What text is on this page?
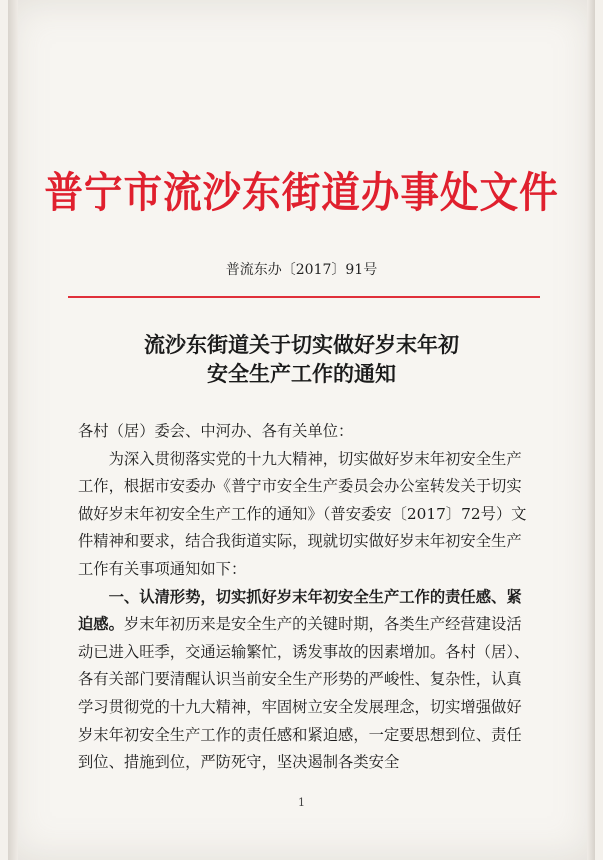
普宁市流沙东街道办事处文件
普流东办〔2017〕91号
流沙东街道关于切实做好岁末年初
安全生产工作的通知

各村（居）委会、中河办、各有关单位：

为深入贯彻落实党的十九大精神，切实做好岁末年初安全生产工作，根据市安委办《普宁市安全生产委员会办公室转发关于切实做好岁末年初安全生产工作的通知》（普安委安〔2017〕72号）文件精神和要求，结合我街道实际，现就切实做好岁末年初安全生产工作有关事项通知如下：

一、认清形势，切实抓好岁末年初安全生产工作的责任感、紧迫感。岁末年初历来是安全生产的关键时期，各类生产经营建设活动已进入旺季，交通运输繁忙，诱发事故的因素增加。各村（居）、各有关部门要清醒认识当前安全生产形势的严峻性、复杂性，认真学习贯彻党的十九大精神，牢固树立安全发展理念，切实增强做好岁末年初安全生产工作的责任感和紧迫感，一定要思想到位、责任到位、措施到位，严防死守，坚决遏制各类安全

1
